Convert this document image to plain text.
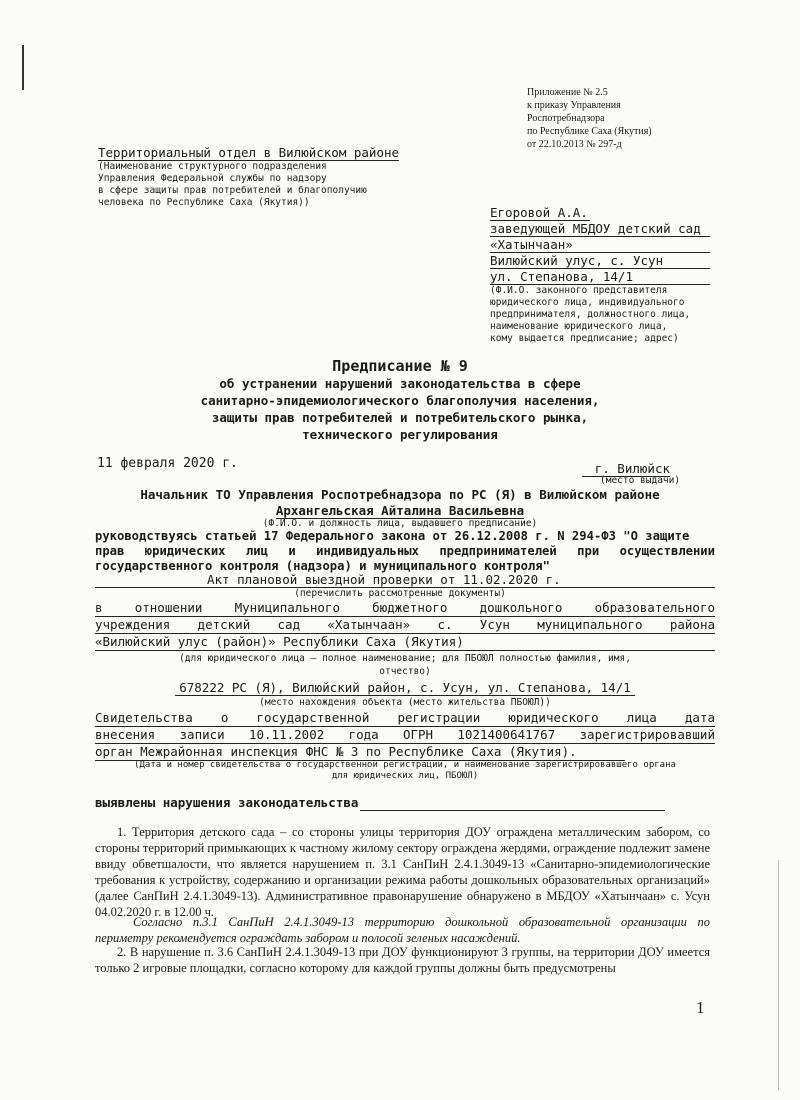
Приложение № 2.5
к приказу Управления
Роспотребнадзора
по Республике Саха (Якутия)
от 22.10.2013 № 297-д
Территориальный отдел в Вилюйском районе
(Наименование структурного подразделения
Управления Федеральной службы по надзору
в сфере защиты прав потребителей и благополучию
человека по Республике Саха (Якутия))
Егоровой А.А.
заведующей МБДОУ детский сад
«Хатынчаан»
Вилюйский улус, с. Усун
ул. Степанова, 14/1
(Ф.И.О. законного представителя
юридического лица, индивидуального
предпринимателя, должностного лица,
наименование юридического лица,
кому выдается предписание; адрес)
Предписание № 9
об устранении нарушений законодательства в сфере
санитарно-эпидемиологического благополучия населения,
защиты прав потребителей и потребительского рынка,
технического регулирования
11 февраля 2020 г.	г. Вилюйск
(место выдачи)
Начальник ТО Управления Роспотребнадзора по РС (Я) в Вилюйском районе
Архангельская Айталина Васильевна
(Ф.И.О. и должность лица, выдавшего предписание)
руководствуясь статьей 17 Федерального закона от 26.12.2008 г. N 294-ФЗ "О защите
прав юридических лиц и индивидуальных предпринимателей при осуществлении
государственного контроля (надзора) и муниципального контроля"
Акт плановой выездной проверки от 11.02.2020 г.
(перечислить рассмотренные документы)
в отношении Муниципального бюджетного дошкольного образовательного
учреждения детский сад «Хатынчаан» с. Усун муниципального района
«Вилюйский улус (район)» Республики Саха (Якутия)
(для юридического лица – полное наименование; для ПБОЮЛ полностью фамилия, имя,
отчество)
678222 РС (Я), Вилюйский район, с. Усун, ул. Степанова, 14/1
(место нахождения объекта (место жительства ПБОЮЛ))
Свидетельства о государственной регистрации юридического лица дата
внесения записи 10.11.2002 года ОГРН 1021400641767 зарегистрировавший
орган Межрайонная инспекция ФНС № 3 по Республике Саха (Якутия).
(Дата и номер свидетельства о государственной регистрации, и наименование зарегистрировавшего органа
для юридических лиц, ПБОЮЛ)
выявлены нарушения законодательства
1. Территория детского сада – со стороны улицы территория ДОУ ограждена металлическим забором, со стороны территорий примыкающих к частному жилому сектору ограждена жердями, ограждение подлежит замене ввиду обветшалости, что является нарушением п. 3.1 СанПиН 2.4.1.3049-13 «Санитарно-эпидемиологические требования к устройству, содержанию и организации режима работы дошкольных образовательных организаций» (далее СанПиН 2.4.1.3049-13). Административное правонарушение обнаружено в МБДОУ «Хатынчаан» с. Усун 04.02.2020 г. в 12.00 ч.
Согласно п.3.1 СанПиН 2.4.1.3049-13 территорию дошкольной образовательной организации по периметру рекомендуется ограждать забором и полосой зеленых насаждений.
2. В нарушение п. 3.6 СанПиН 2.4.1.3049-13 при ДОУ функционируют 3 группы, на территории ДОУ имеется только 2 игровые площадки, согласно которому для каждой группы должны быть предусмотрены
1
